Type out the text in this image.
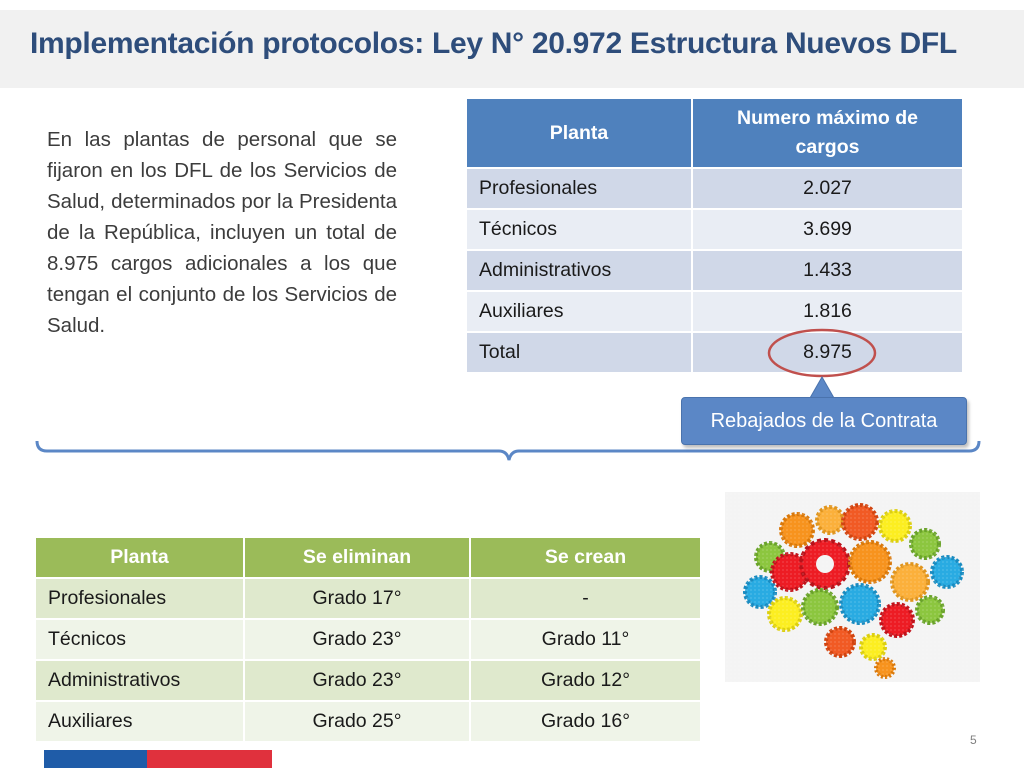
Implementación protocolos: Ley N° 20.972 Estructura Nuevos DFL
En las plantas de personal que se fijaron en los DFL de los Servicios de Salud, determinados por la Presidenta de la República, incluyen un total de 8.975 cargos adicionales a los que tengan el conjunto de los Servicios de Salud.
Planta	Numero máximo de cargos
Profesionales	2.027
Técnicos	3.699
Administrativos	1.433
Auxiliares	1.816
Total	8.975
Rebajados de la Contrata
Planta	Se eliminan	Se crean
Profesionales	Grado 17°	-
Técnicos	Grado 23°	Grado 11°
Administrativos	Grado 23°	Grado 12°
Auxiliares	Grado 25°	Grado 16°
5
